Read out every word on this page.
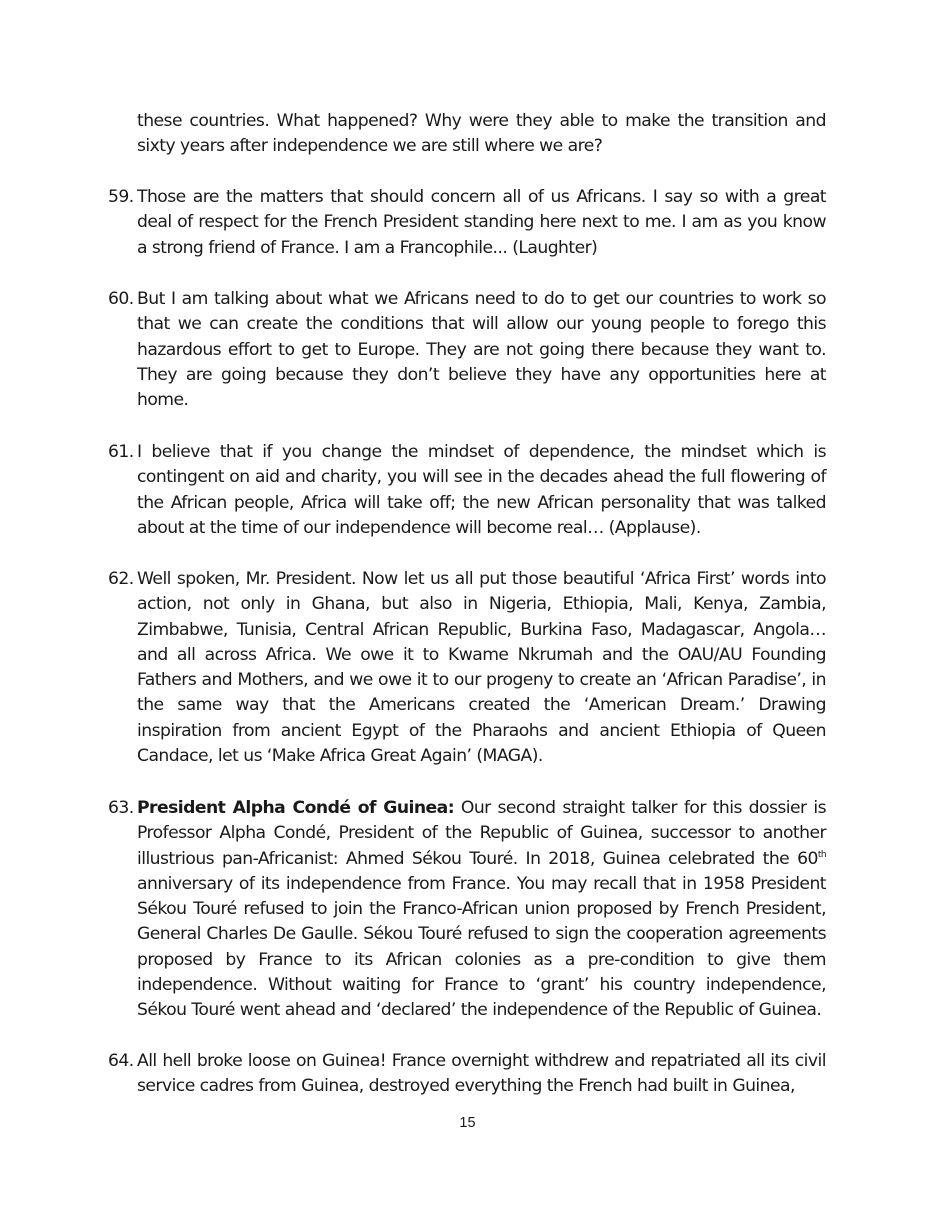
these countries. What happened? Why were they able to make the transition and sixty years after independence we are still where we are?
59. Those are the matters that should concern all of us Africans. I say so with a great deal of respect for the French President standing here next to me. I am as you know a strong friend of France. I am a Francophile... (Laughter)
60. But I am talking about what we Africans need to do to get our countries to work so that we can create the conditions that will allow our young people to forego this hazardous effort to get to Europe. They are not going there because they want to. They are going because they don’t believe they have any opportunities here at home.
61. I believe that if you change the mindset of dependence, the mindset which is contingent on aid and charity, you will see in the decades ahead the full flowering of the African people, Africa will take off; the new African personality that was talked about at the time of our independence will become real… (Applause).
62. Well spoken, Mr. President. Now let us all put those beautiful ‘Africa First’ words into action, not only in Ghana, but also in Nigeria, Ethiopia, Mali, Kenya, Zambia, Zimbabwe, Tunisia, Central African Republic, Burkina Faso, Madagascar, Angola… and all across Africa. We owe it to Kwame Nkrumah and the OAU/AU Founding Fathers and Mothers, and we owe it to our progeny to create an ‘African Paradise’, in the same way that the Americans created the ‘American Dream.’ Drawing inspiration from ancient Egypt of the Pharaohs and ancient Ethiopia of Queen Candace, let us ‘Make Africa Great Again’ (MAGA).
63. President Alpha Condé of Guinea: Our second straight talker for this dossier is Professor Alpha Condé, President of the Republic of Guinea, successor to another illustrious pan-Africanist: Ahmed Sékou Touré. In 2018, Guinea celebrated the 60th anniversary of its independence from France. You may recall that in 1958 President Sékou Touré refused to join the Franco-African union proposed by French President, General Charles De Gaulle. Sékou Touré refused to sign the cooperation agreements proposed by France to its African colonies as a pre-condition to give them independence. Without waiting for France to ‘grant’ his country independence, Sékou Touré went ahead and ‘declared’ the independence of the Republic of Guinea.
64. All hell broke loose on Guinea! France overnight withdrew and repatriated all its civil service cadres from Guinea, destroyed everything the French had built in Guinea,
15
